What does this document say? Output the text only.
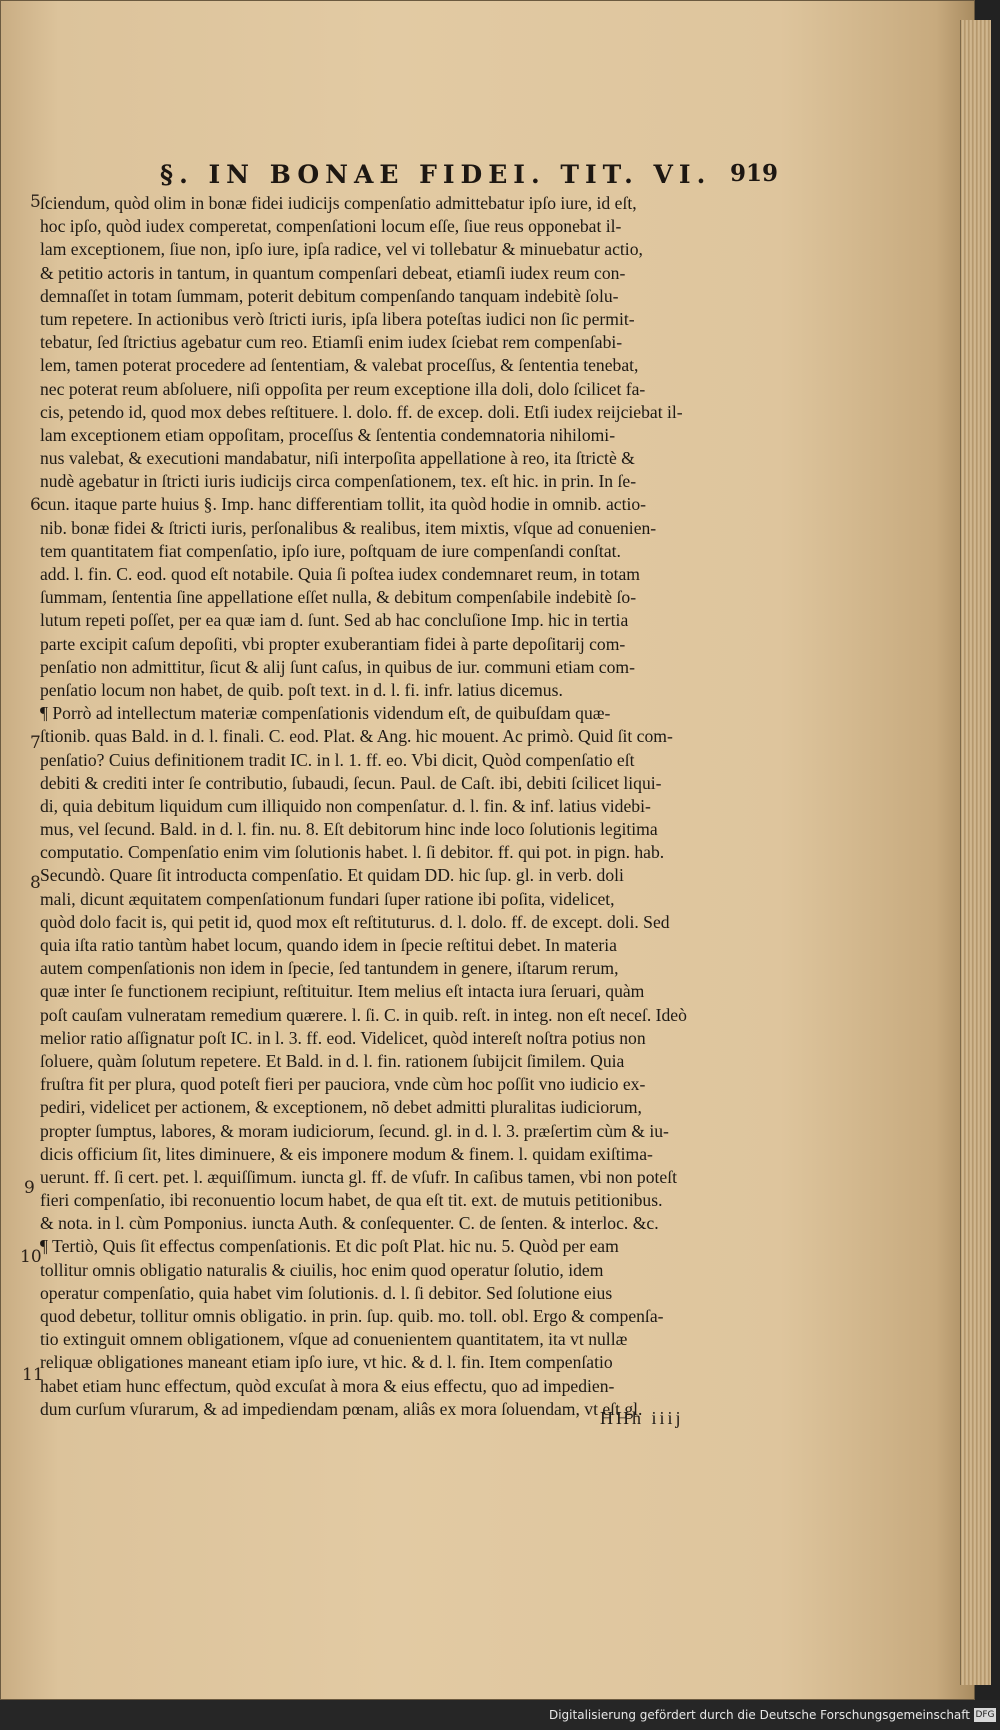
§. IN BONAE FIDEI. TIT. VI. 919
5
6
7
8
9
10
11
ſciendum, quòd olim in bonæ fidei iudicijs compenſatio admittebatur ipſo iure, id eſt,
hoc ipſo, quòd iudex comperetat, compenſationi locum eſſe, ſiue reus opponebat il-
lam exceptionem, ſiue non, ipſo iure, ipſa radice, vel vi tollebatur & minuebatur actio,
& petitio actoris in tantum, in quantum compenſari debeat, etiamſi iudex reum con-
demnaſſet in totam ſummam, poterit debitum compenſando tanquam indebitè ſolu-
tum repetere. In actionibus verò ſtricti iuris, ipſa libera poteſtas iudici non ſic permit-
tebatur, ſed ſtrictius agebatur cum reo. Etiamſi enim iudex ſciebat rem compenſabi-
lem, tamen poterat procedere ad ſententiam, & valebat proceſſus, & ſententia tenebat,
nec poterat reum abſoluere, niſi oppoſita per reum exceptione illa doli, dolo ſcilicet fa-
cis, petendo id, quod mox debes reſtituere. l. dolo. ff. de excep. doli. Etſi iudex reijciebat il-
lam exceptionem etiam oppoſitam, proceſſus & ſententia condemnatoria nihilomi-
nus valebat, & executioni mandabatur, niſi interpoſita appellatione à reo, ita ſtrictè &
nudè agebatur in ſtricti iuris iudicijs circa compenſationem, tex. eſt hic. in prin. In ſe-
cun. itaque parte huius §. Imp. hanc differentiam tollit, ita quòd hodie in omnib. actio-
nib. bonæ fidei & ſtricti iuris, perſonalibus & realibus, item mixtis, vſque ad conuenien-
tem quantitatem fiat compenſatio, ipſo iure, poſtquam de iure compenſandi conſtat.
add. l. fin. C. eod. quod eſt notabile. Quia ſi poſtea iudex condemnaret reum, in totam
ſummam, ſententia ſine appellatione eſſet nulla, & debitum compenſabile indebitè ſo-
lutum repeti poſſet, per ea quæ iam d. ſunt. Sed ab hac concluſione Imp. hic in tertia
parte excipit caſum depoſiti, vbi propter exuberantiam fidei à parte depoſitarij com-
penſatio non admittitur, ſicut & alij ſunt caſus, in quibus de iur. communi etiam com-
penſatio locum non habet, de quib. poſt text. in d. l. fi. infr. latius dicemus.
¶ Porrò ad intellectum materiæ compenſationis videndum eſt, de quibuſdam quæ-
ſtionib. quas Bald. in d. l. finali. C. eod. Plat. & Ang. hic mouent. Ac primò. Quid ſit com-
penſatio? Cuius definitionem tradit IC. in l. 1. ff. eo. Vbi dicit, Quòd compenſatio eſt
debiti & crediti inter ſe contributio, ſubaudi, ſecun. Paul. de Caſt. ibi, debiti ſcilicet liqui-
di, quia debitum liquidum cum illiquido non compenſatur. d. l. fin. & inf. latius videbi-
mus, vel ſecund. Bald. in d. l. fin. nu. 8. Eſt debitorum hinc inde loco ſolutionis legitima
computatio. Compenſatio enim vim ſolutionis habet. l. ſi debitor. ff. qui pot. in pign. hab.
Secundò. Quare ſit introducta compenſatio. Et quidam DD. hic ſup. gl. in verb. doli
mali, dicunt æquitatem compenſationum fundari ſuper ratione ibi poſita, videlicet,
quòd dolo facit is, qui petit id, quod mox eſt reſtituturus. d. l. dolo. ff. de except. doli. Sed
quia iſta ratio tantùm habet locum, quando idem in ſpecie reſtitui debet. In materia
autem compenſationis non idem in ſpecie, ſed tantundem in genere, iſtarum rerum,
quæ inter ſe functionem recipiunt, reſtituitur. Item melius eſt intacta iura ſeruari, quàm
poſt cauſam vulneratam remedium quærere. l. ſi. C. in quib. reſt. in integ. non eſt neceſ. Ideò
melior ratio aſſignatur poſt IC. in l. 3. ff. eod. Videlicet, quòd intereſt noſtra potius non
ſoluere, quàm ſolutum repetere. Et Bald. in d. l. fin. rationem ſubijcit ſimilem. Quia
fruſtra fit per plura, quod poteſt fieri per pauciora, vnde cùm hoc poſſit vno iudicio ex-
pediri, videlicet per actionem, & exceptionem, nõ debet admitti pluralitas iudiciorum,
propter ſumptus, labores, & moram iudiciorum, ſecund. gl. in d. l. 3. præſertim cùm & iu-
dicis officium ſit, lites diminuere, & eis imponere modum & finem. l. quidam exiſtima-
uerunt. ff. ſi cert. pet. l. æquiſſimum. iuncta gl. ff. de vſufr. In caſibus tamen, vbi non poteſt
fieri compenſatio, ibi reconuentio locum habet, de qua eſt tit. ext. de mutuis petitionibus.
& nota. in l. cùm Pomponius. iuncta Auth. & conſequenter. C. de ſenten. & interloc. &c.
¶ Tertiò, Quis ſit effectus compenſationis. Et dic poſt Plat. hic nu. 5. Quòd per eam
tollitur omnis obligatio naturalis & ciuilis, hoc enim quod operatur ſolutio, idem
operatur compenſatio, quia habet vim ſolutionis. d. l. ſi debitor. Sed ſolutione eius
quod debetur, tollitur omnis obligatio. in prin. ſup. quib. mo. toll. obl. Ergo & compenſa-
tio extinguit omnem obligationem, vſque ad conuenientem quantitatem, ita vt nullæ
reliquæ obligationes maneant etiam ipſo iure, vt hic. & d. l. fin. Item compenſatio
habet etiam hunc effectum, quòd excuſat à mora & eius effectu, quo ad impedien-
dum curſum vſurarum, & ad impediendam pœnam, aliâs ex mora ſoluendam, vt eſt gl.
HHh iiij
Digitalisierung gefördert durch die Deutsche Forschungsgemeinschaft DFG
